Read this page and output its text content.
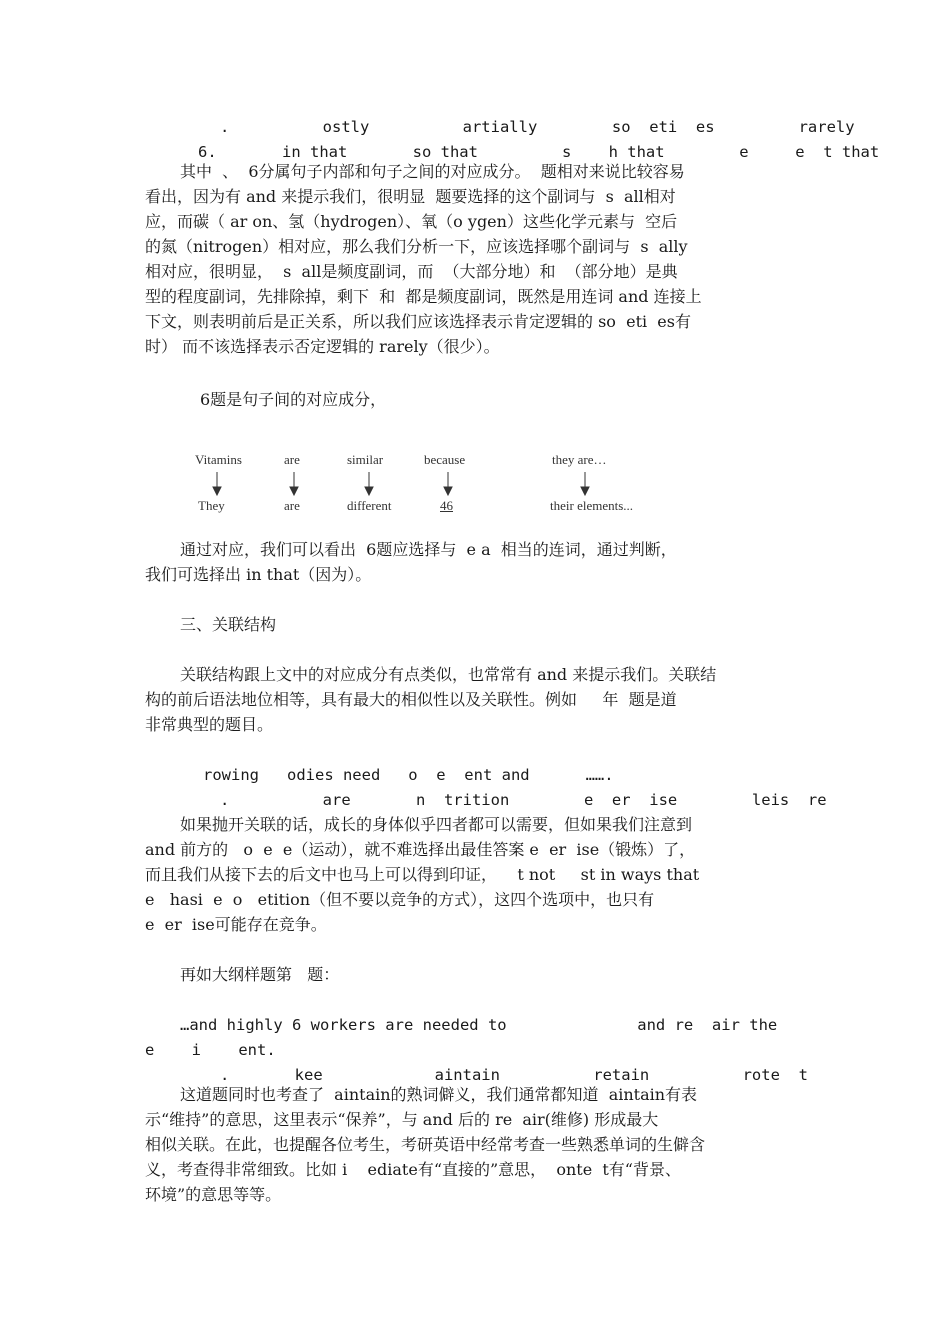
.          ostly          artially        so  eti  es         rarely
6.       in that       so that         s    h that        e     e  t that
其中  、  6分属句子内部和句子之间的对应成分。  题相对来说比较容易
看出，因为有 and 来提示我们，很明显  题要选择的这个副词与  s  all相对
应，而碳（ ar on、氢（hydrogen）、氧（o ygen）这些化学元素与  空后
的氮（nitrogen）相对应，那么我们分析一下，应该选择哪个副词与  s  ally
相对应，很明显，  s  all是频度副词，而  （大部分地）和  （部分地）是典
型的程度副词，先排除掉，剩下  和  都是频度副词，既然是用连词 and 连接上
下文，则表明前后是正关系，所以我们应该选择表示肯定逻辑的 so  eti  es有
时） 而不该选择表示否定逻辑的 rarely（很少）。
6题是句子间的对应成分，
通过对应，我们可以看出  6题应选择与  e a  相当的连词，通过判断，
我们可选择出 in that（因为）。
三、关联结构
关联结构跟上文中的对应成分有点类似，也常常有 and 来提示我们。关联结
构的前后语法地位相等，具有最大的相似性以及关联性。例如     年  题是道
非常典型的题目。
rowing   odies need   o  e  ent and      …….
.          are       n  trition        e  er  ise        leis  re
如果抛开关联的话，成长的身体似乎四者都可以需要，但如果我们注意到
and 前方的   o  e  e（运动），就不难选择出最佳答案 e  er  ise（锻炼）了，
而且我们从接下去的后文中也马上可以得到印证，    t not     st in ways that
e   hasi  e  o   etition（但不要以竞争的方式），这四个选项中，也只有
e  er  ise可能存在竞争。
再如大纲样题第   题：
…and highly 6 workers are needed to              and re  air the
e    i    ent.
.       kee            aintain          retain          rote  t
这道题同时也考查了  aintain的熟词僻义，我们通常都知道  aintain有表
示“维持”的意思，这里表示“保养”，与 and 后的 re  air(维修) 形成最大
相似关联。在此，也提醒各位考生，考研英语中经常考查一些熟悉单词的生僻含
义，考查得非常细致。比如 i    ediate有“直接的”意思，  onte  t有“背景、
环境”的意思等等。
Vitamins	are	similar	because	they are…
They	are	different	46	their elements...
